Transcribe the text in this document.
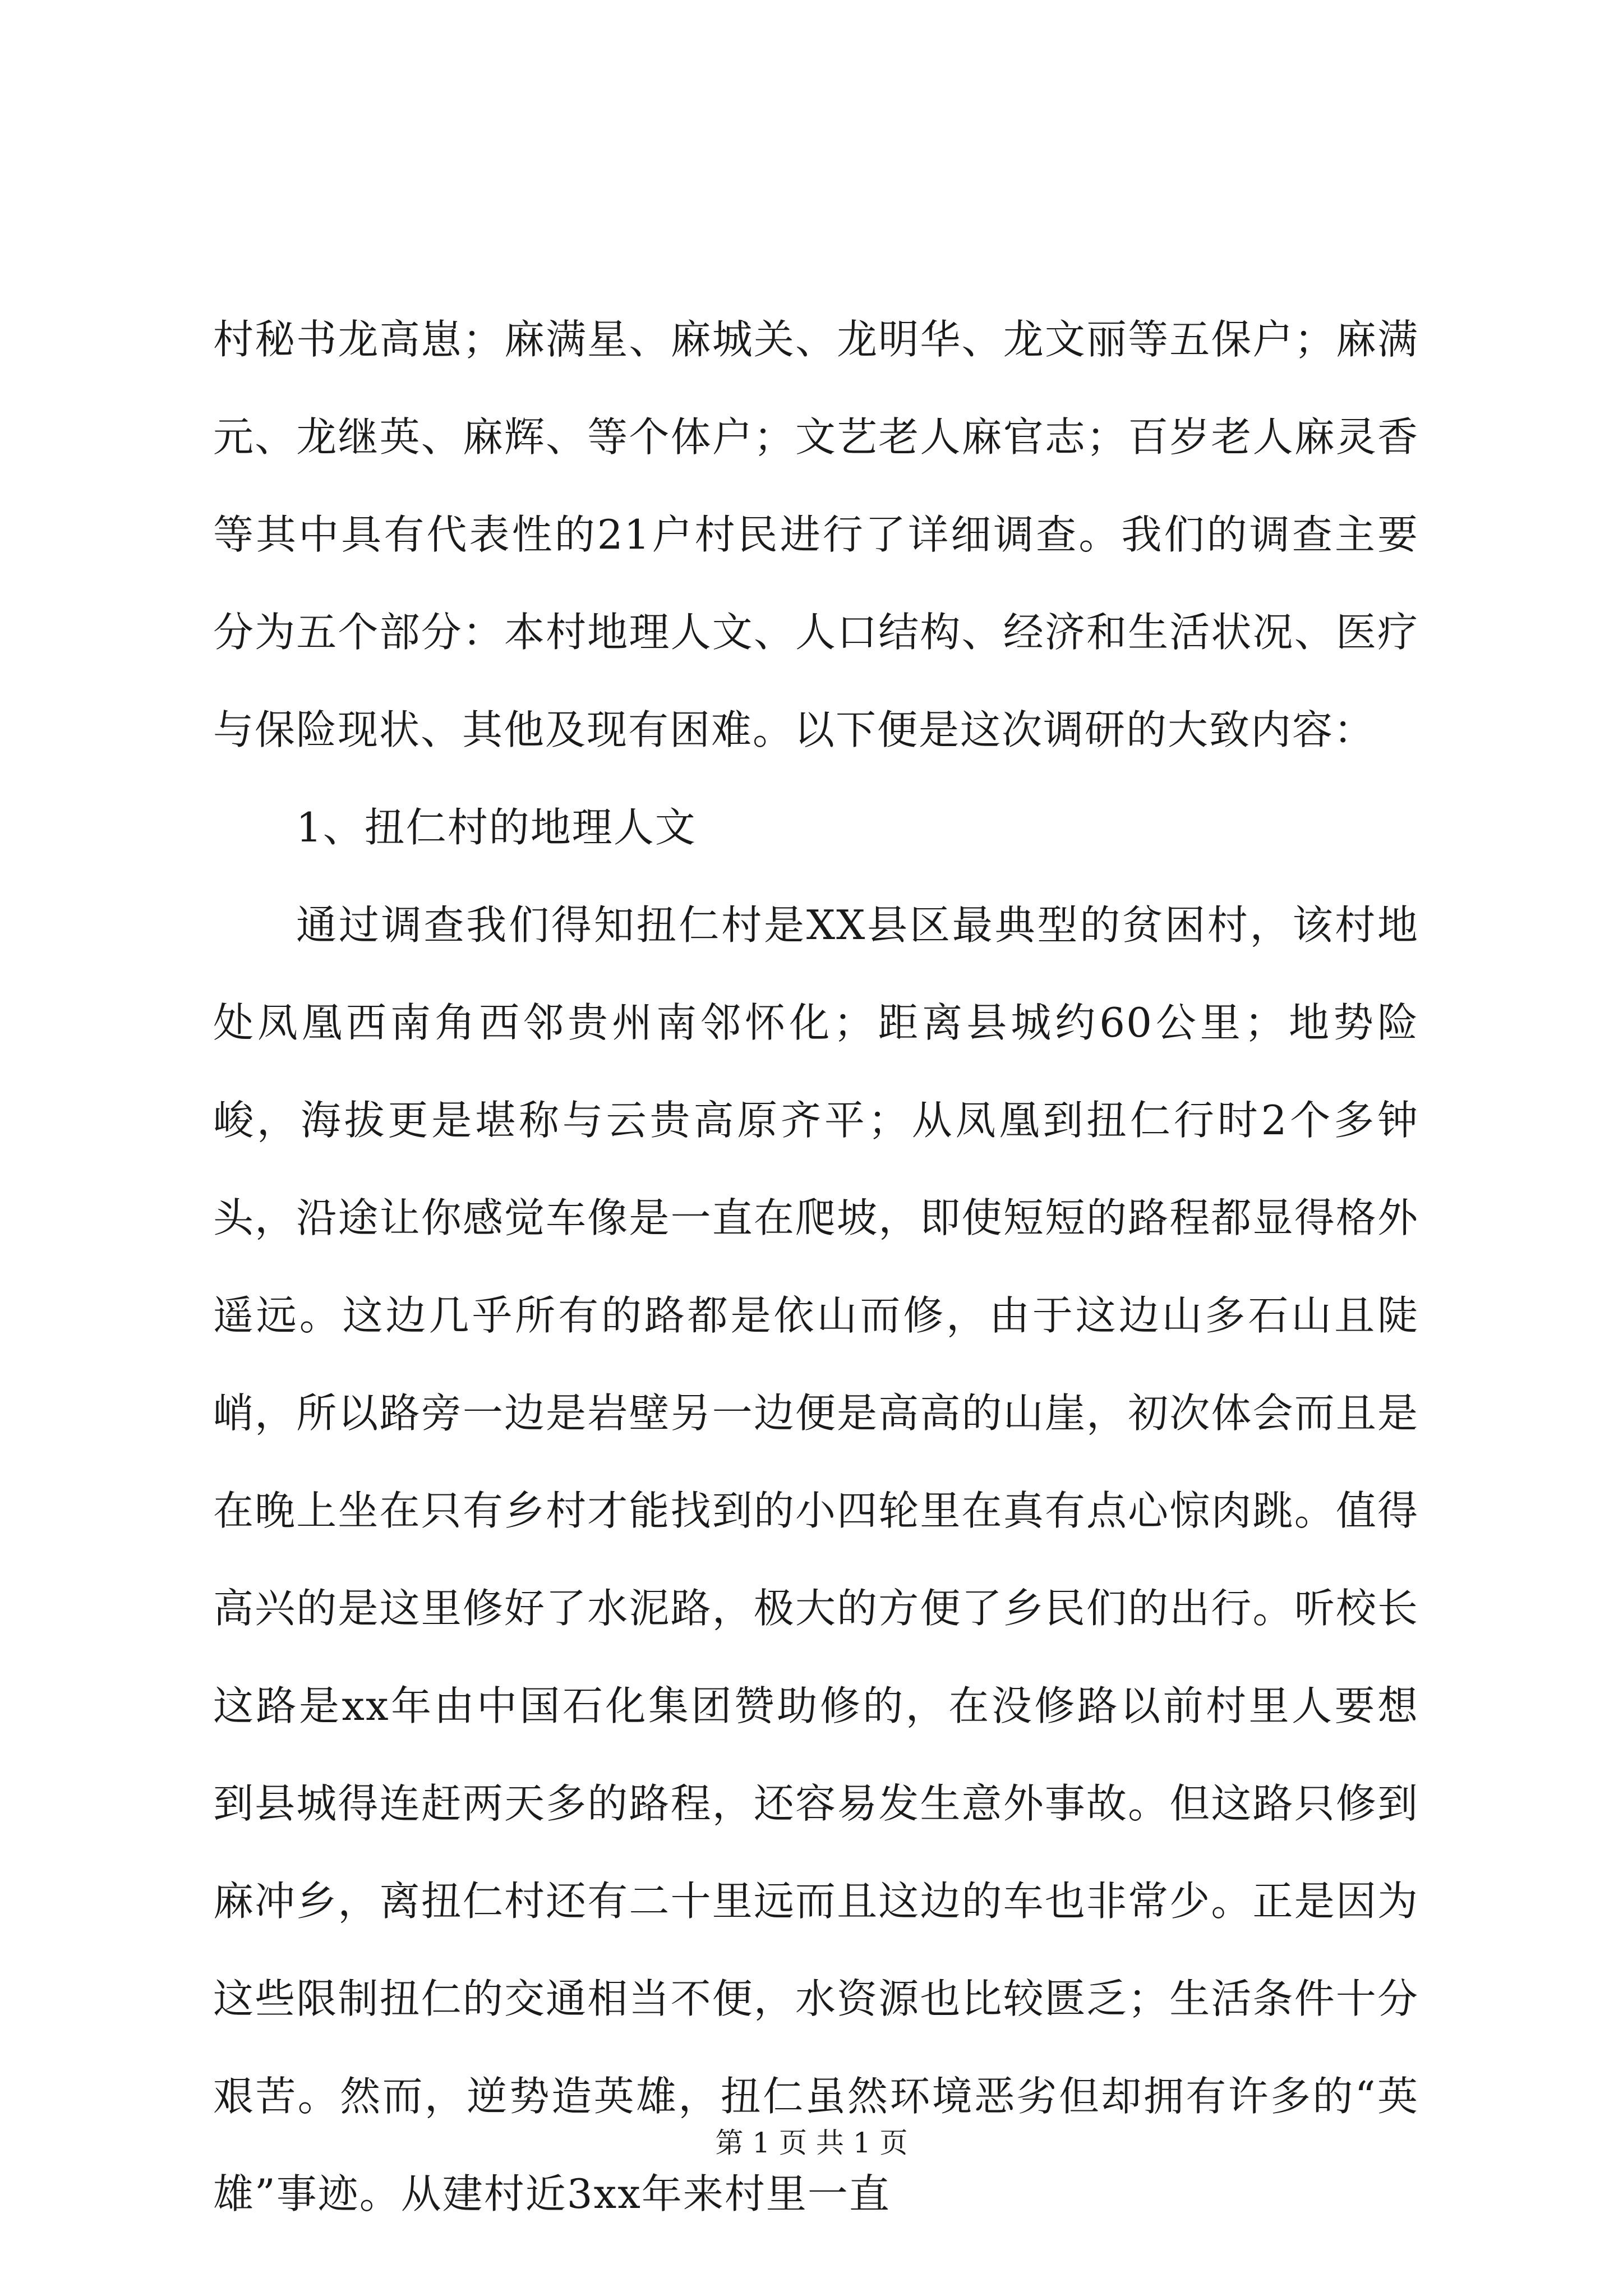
村秘书龙高崽；麻满星、麻城关、龙明华、龙文丽等五保户；麻满元、龙继英、麻辉、等个体户；文艺老人麻官志；百岁老人麻灵香等其中具有代表性的21户村民进行了详细调查。我们的调查主要分为五个部分：本村地理人文、人口结构、经济和生活状况、医疗与保险现状、其他及现有困难。以下便是这次调研的大致内容：

1、扭仁村的地理人文

通过调查我们得知扭仁村是XX县区最典型的贫困村，该村地处凤凰西南角西邻贵州南邻怀化；距离县城约60公里；地势险峻，海拔更是堪称与云贵高原齐平；从凤凰到扭仁行时2个多钟头，沿途让你感觉车像是一直在爬坡，即使短短的路程都显得格外遥远。这边几乎所有的路都是依山而修，由于这边山多石山且陡峭，所以路旁一边是岩壁另一边便是高高的山崖，初次体会而且是在晚上坐在只有乡村才能找到的小四轮里在真有点心惊肉跳。值得高兴的是这里修好了水泥路，极大的方便了乡民们的出行。听校长这路是xx年由中国石化集团赞助修的，在没修路以前村里人要想到县城得连赶两天多的路程，还容易发生意外事故。但这路只修到麻冲乡，离扭仁村还有二十里远而且这边的车也非常少。正是因为这些限制扭仁的交通相当不便，水资源也比较匮乏；生活条件十分艰苦。然而，逆势造英雄，扭仁虽然环境恶劣但却拥有许多的“英雄”事迹。从建村近3xx年来村里一直

第 1 页 共 1 页
